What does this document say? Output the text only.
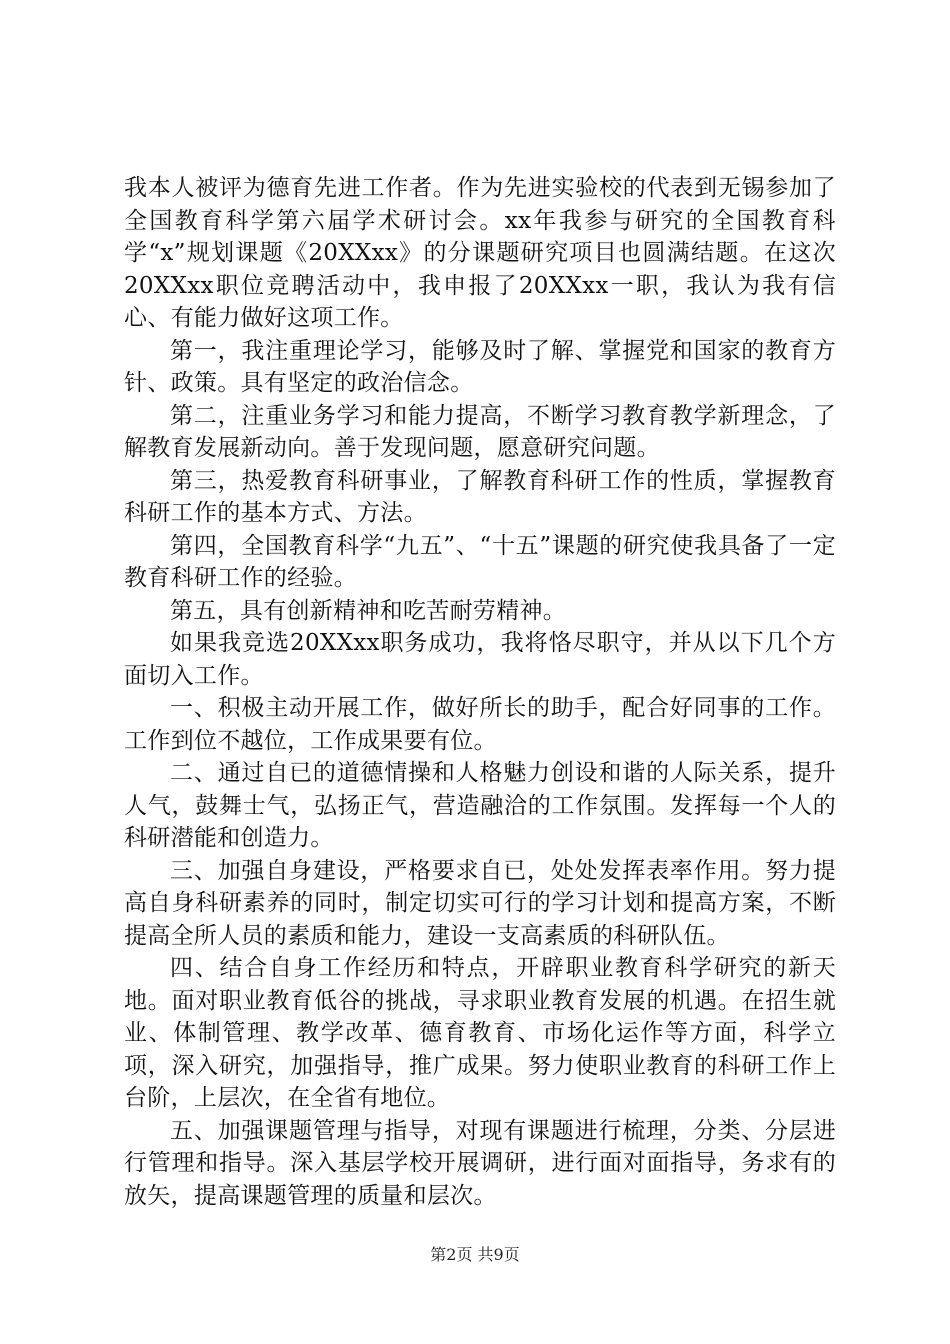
我本人被评为德育先进工作者。作为先进实验校的代表到无锡参加了全国教育科学第六届学术研讨会。xx年我参与研究的全国教育科学“x”规划课题《20XXxx》的分课题研究项目也圆满结题。在这次20XXxx职位竞聘活动中，我申报了20XXxx一职，我认为我有信心、有能力做好这项工作。

第一，我注重理论学习，能够及时了解、掌握党和国家的教育方针、政策。具有坚定的政治信念。

第二，注重业务学习和能力提高，不断学习教育教学新理念，了解教育发展新动向。善于发现问题，愿意研究问题。

第三，热爱教育科研事业，了解教育科研工作的性质，掌握教育科研工作的基本方式、方法。

第四，全国教育科学“九五”、“十五”课题的研究使我具备了一定教育科研工作的经验。

第五，具有创新精神和吃苦耐劳精神。

如果我竞选20XXxx职务成功，我将恪尽职守，并从以下几个方面切入工作。

一、积极主动开展工作，做好所长的助手，配合好同事的工作。工作到位不越位，工作成果要有位。

二、通过自已的道德情操和人格魅力创设和谐的人际关系，提升人气，鼓舞士气，弘扬正气，营造融洽的工作氛围。发挥每一个人的科研潜能和创造力。

三、加强自身建设，严格要求自已，处处发挥表率作用。努力提高自身科研素养的同时，制定切实可行的学习计划和提高方案，不断提高全所人员的素质和能力，建设一支高素质的科研队伍。

四、结合自身工作经历和特点，开辟职业教育科学研究的新天地。面对职业教育低谷的挑战，寻求职业教育发展的机遇。在招生就业、体制管理、教学改革、德育教育、市场化运作等方面，科学立项，深入研究，加强指导，推广成果。努力使职业教育的科研工作上台阶，上层次，在全省有地位。

五、加强课题管理与指导，对现有课题进行梳理，分类、分层进行管理和指导。深入基层学校开展调研，进行面对面指导，务求有的放矢，提高课题管理的质量和层次。

第2页 共9页
